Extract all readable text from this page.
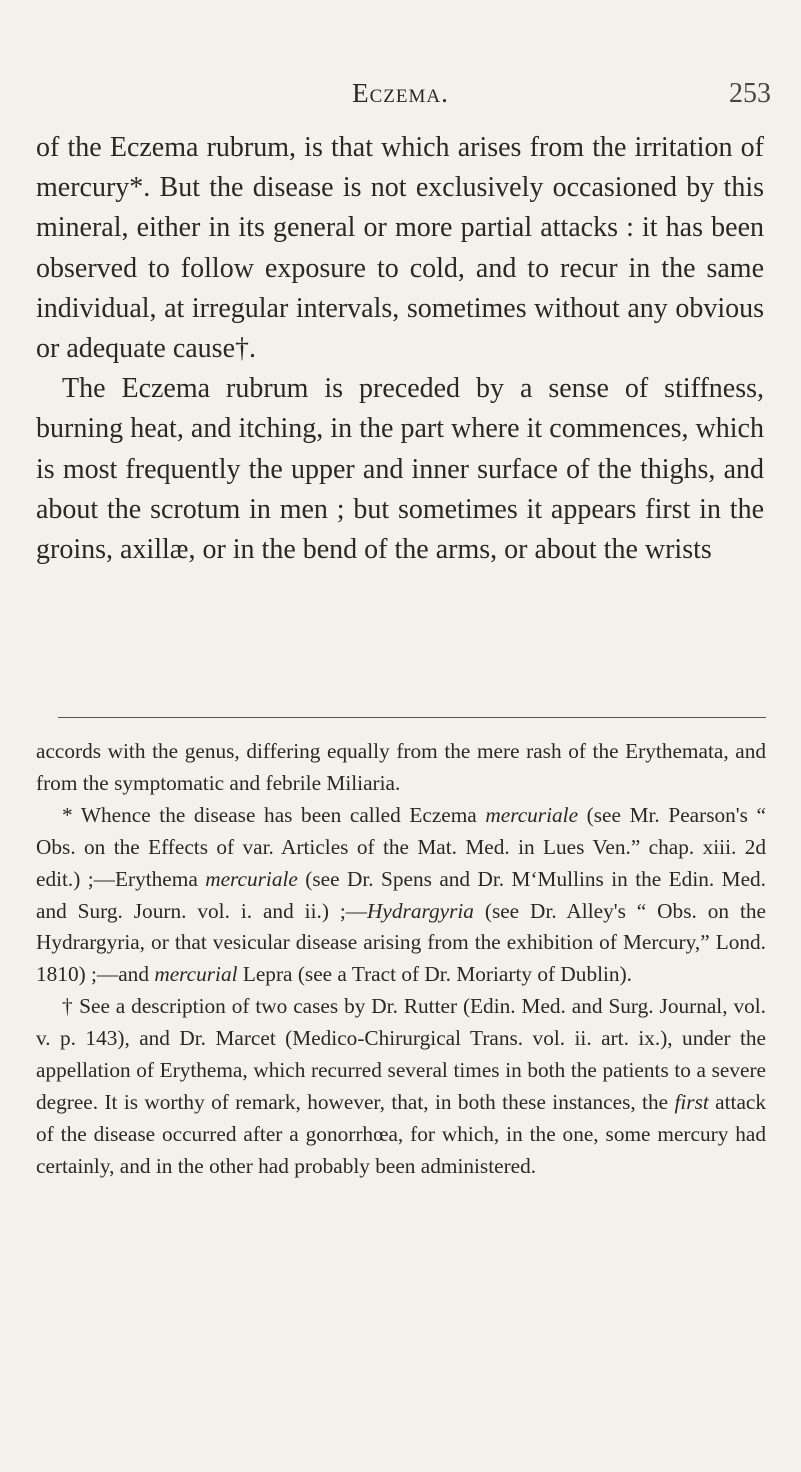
Eczema.	253

of the Eczema rubrum, is that which arises from the irritation of mercury*. But the disease is not exclusively occasioned by this mineral, either in its general or more partial attacks : it has been observed to follow exposure to cold, and to recur in the same individual, at irregular intervals, sometimes without any obvious or adequate cause†.

The Eczema rubrum is preceded by a sense of stiffness, burning heat, and itching, in the part where it commences, which is most frequently the upper and inner surface of the thighs, and about the scrotum in men ; but sometimes it appears first in the groins, axillæ, or in the bend of the arms, or about the wrists

accords with the genus, differing equally from the mere rash of the Erythemata, and from the symptomatic and febrile Miliaria.

* Whence the disease has been called Eczema mercuriale (see Mr. Pearson's “ Obs. on the Effects of var. Articles of the Mat. Med. in Lues Ven.” chap. xiii. 2d edit.) ;—Erythema mercuriale (see Dr. Spens and Dr. M‘Mullins in the Edin. Med. and Surg. Journ. vol. i. and ii.) ;—Hydrargyria (see Dr. Alley's “ Obs. on the Hydrargyria, or that vesicular disease arising from the exhibition of Mercury,” Lond. 1810) ;—and mercurial Lepra (see a Tract of Dr. Moriarty of Dublin).

† See a description of two cases by Dr. Rutter (Edin. Med. and Surg. Journal, vol. v. p. 143), and Dr. Marcet (Medico-Chirurgical Trans. vol. ii. art. ix.), under the appellation of Erythema, which recurred several times in both the patients to a severe degree. It is worthy of remark, however, that, in both these instances, the first attack of the disease occurred after a gonorrhœa, for which, in the one, some mercury had certainly, and in the other had probably been administered.
